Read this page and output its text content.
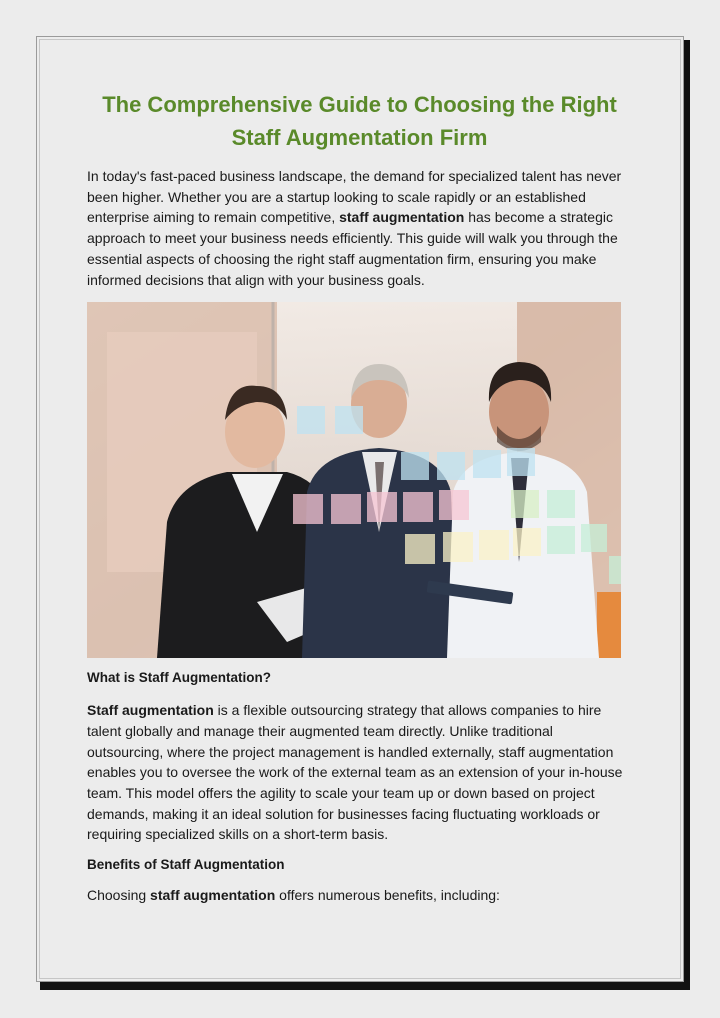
The Comprehensive Guide to Choosing the Right
Staff Augmentation Firm

In today's fast-paced business landscape, the demand for specialized talent has never been higher. Whether you are a startup looking to scale rapidly or an established enterprise aiming to remain competitive, staff augmentation has become a strategic approach to meet your business needs efficiently. This guide will walk you through the essential aspects of choosing the right staff augmentation firm, ensuring you make informed decisions that align with your business goals.

What is Staff Augmentation?

Staff augmentation is a flexible outsourcing strategy that allows companies to hire talent globally and manage their augmented team directly. Unlike traditional outsourcing, where the project management is handled externally, staff augmentation enables you to oversee the work of the external team as an extension of your in-house team. This model offers the agility to scale your team up or down based on project demands, making it an ideal solution for businesses facing fluctuating workloads or requiring specialized skills on a short-term basis.

Benefits of Staff Augmentation

Choosing staff augmentation offers numerous benefits, including:
